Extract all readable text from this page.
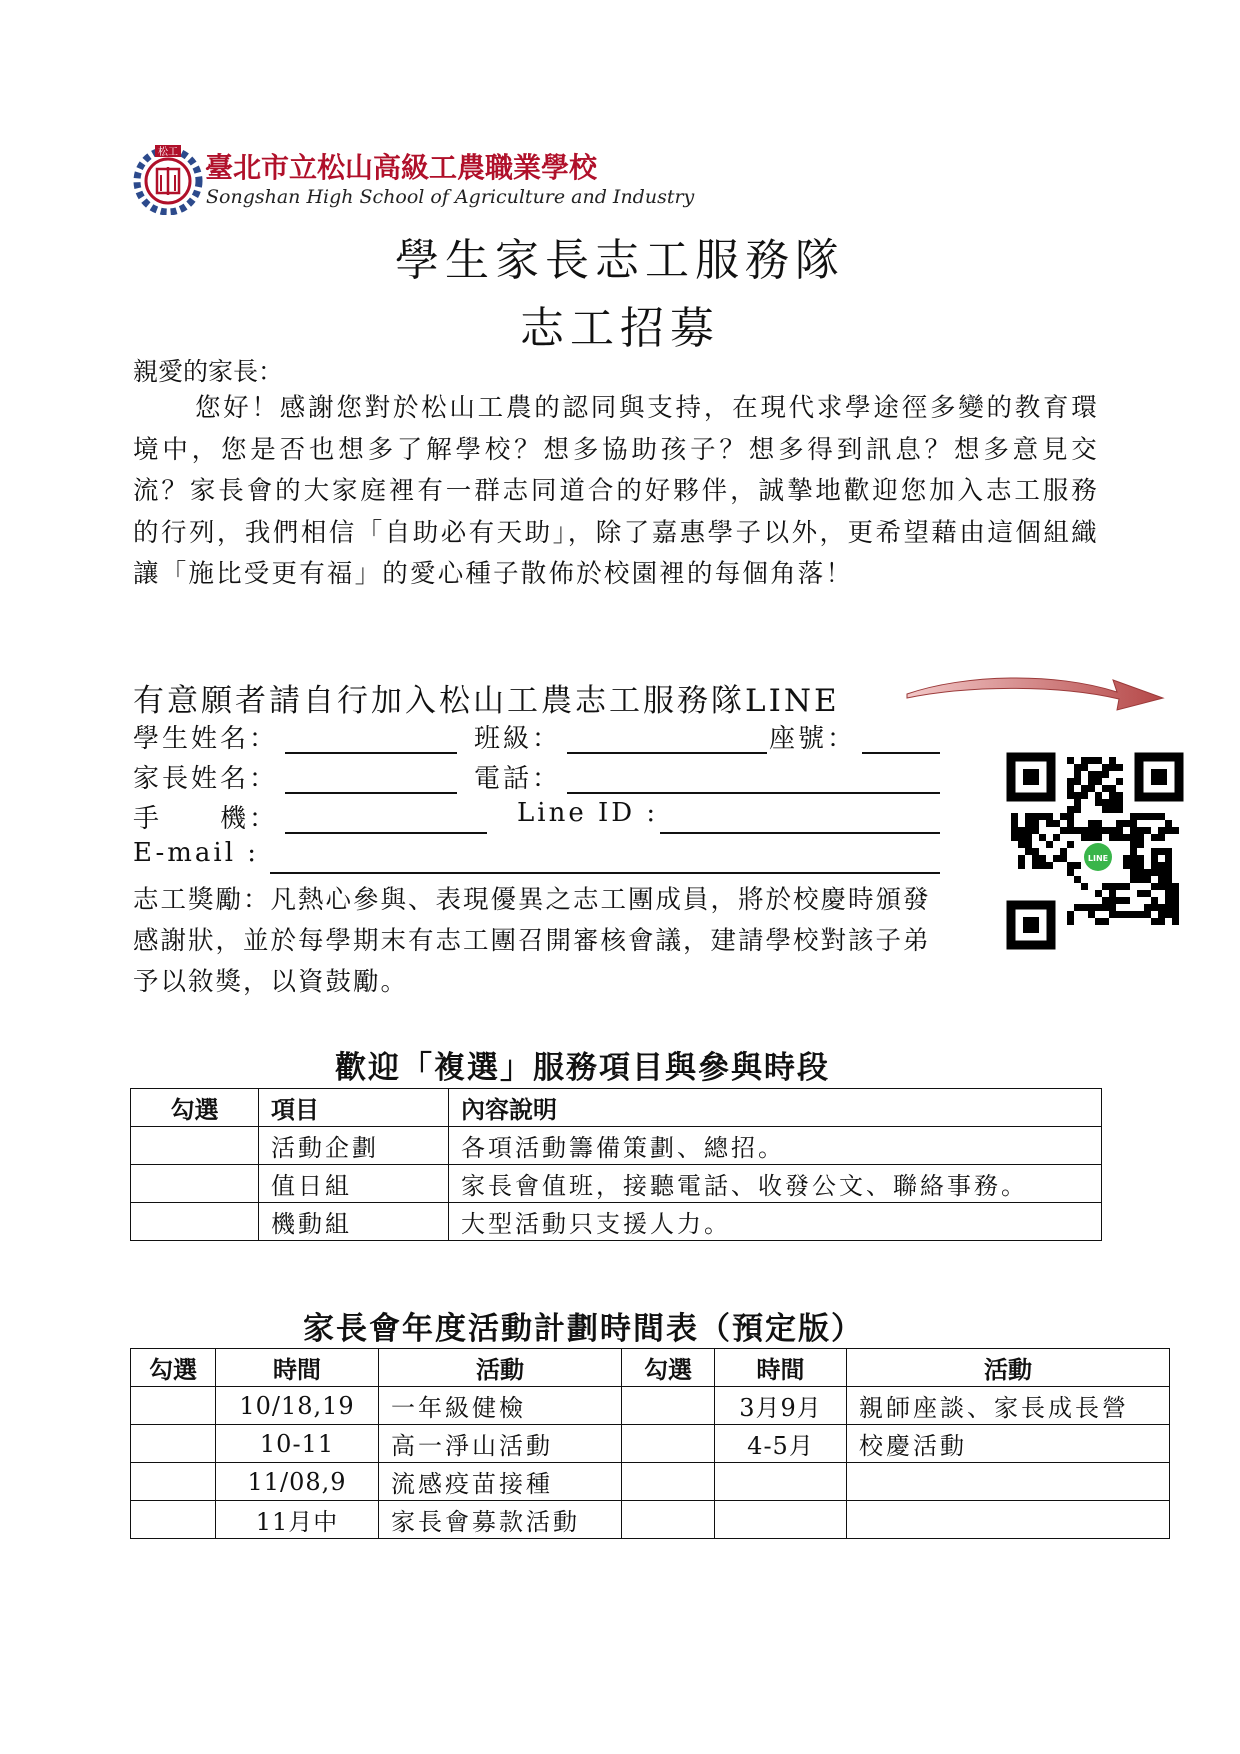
松工 臺北市立松山高級工農職業學校
Songshan High School of Agriculture and Industry
學生家長志工服務隊
志工招募
親愛的家長：
您好！感謝您對於松山工農的認同與支持，在現代求學途徑多變的教育環境中，您是否也想多了解學校？想多協助孩子？想多得到訊息？想多意見交流？家長會的大家庭裡有一群志同道合的好夥伴，誠摯地歡迎您加入志工服務的行列，我們相信「自助必有天助」，除了嘉惠學子以外，更希望藉由這個組織讓「施比受更有福」的愛心種子散佈於校園裡的每個角落！
有意願者請自行加入松山工農志工服務隊LINE
學生姓名：	班級：	座號：
家長姓名：	電話：
手　　機：	Line ID :
E-mail :	LINE
志工獎勵：凡熱心參與、表現優異之志工團成員，將於校慶時頒發感謝狀，並於每學期末有志工團召開審核會議，建請學校對該子弟予以敘獎，以資鼓勵。
歡迎「複選」服務項目與參與時段
勾選	項目	內容說明
	活動企劃	各項活動籌備策劃、總招。
	值日組	家長會值班，接聽電話、收發公文、聯絡事務。
	機動組	大型活動只支援人力。
家長會年度活動計劃時間表（預定版）
勾選	時間	活動	勾選	時間	活動
	10/18,19	一年級健檢		3月9月	親師座談、家長成長營
	10-11	高一淨山活動		4-5月	校慶活動
	11/08,9	流感疫苗接種			
	11月中	家長會募款活動			
